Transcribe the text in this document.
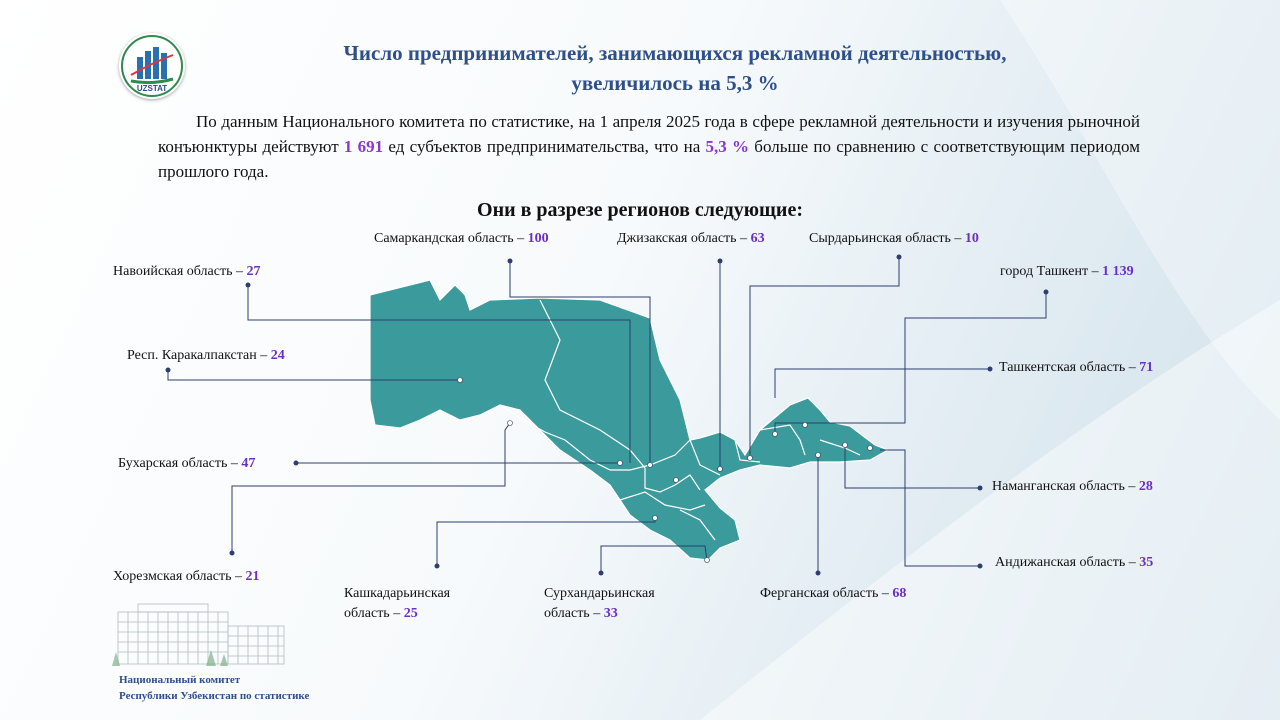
UZSTAT
Число предпринимателей, занимающихся рекламной деятельностью,
увеличилось на 5,3 %
По данным Национального комитета по статистике, на 1 апреля 2025 года в сфере рекламной деятельности и изучения рыночной конъюнктуры действуют 1 691 ед субъектов предпринимательства, что на 5,3 % больше по сравнению с соответствующим периодом прошлого года.
Они в разрезе регионов следующие:
Самаркандская область – 100	Джизакская область – 63	Сырдарьинская область – 10
Навоийская область – 27	город Ташкент – 1 139
Респ. Каракалпакстан – 24
Ташкентская область – 71
Бухарская область – 47
Наманганская область – 28
Хорезмская область – 21
Андижанская область – 35
Ферганская область – 68
Кашкадарьинская
область – 25
Сурхандарьинская
область – 33
Национальный комитет
Республики Узбекистан по статистике
